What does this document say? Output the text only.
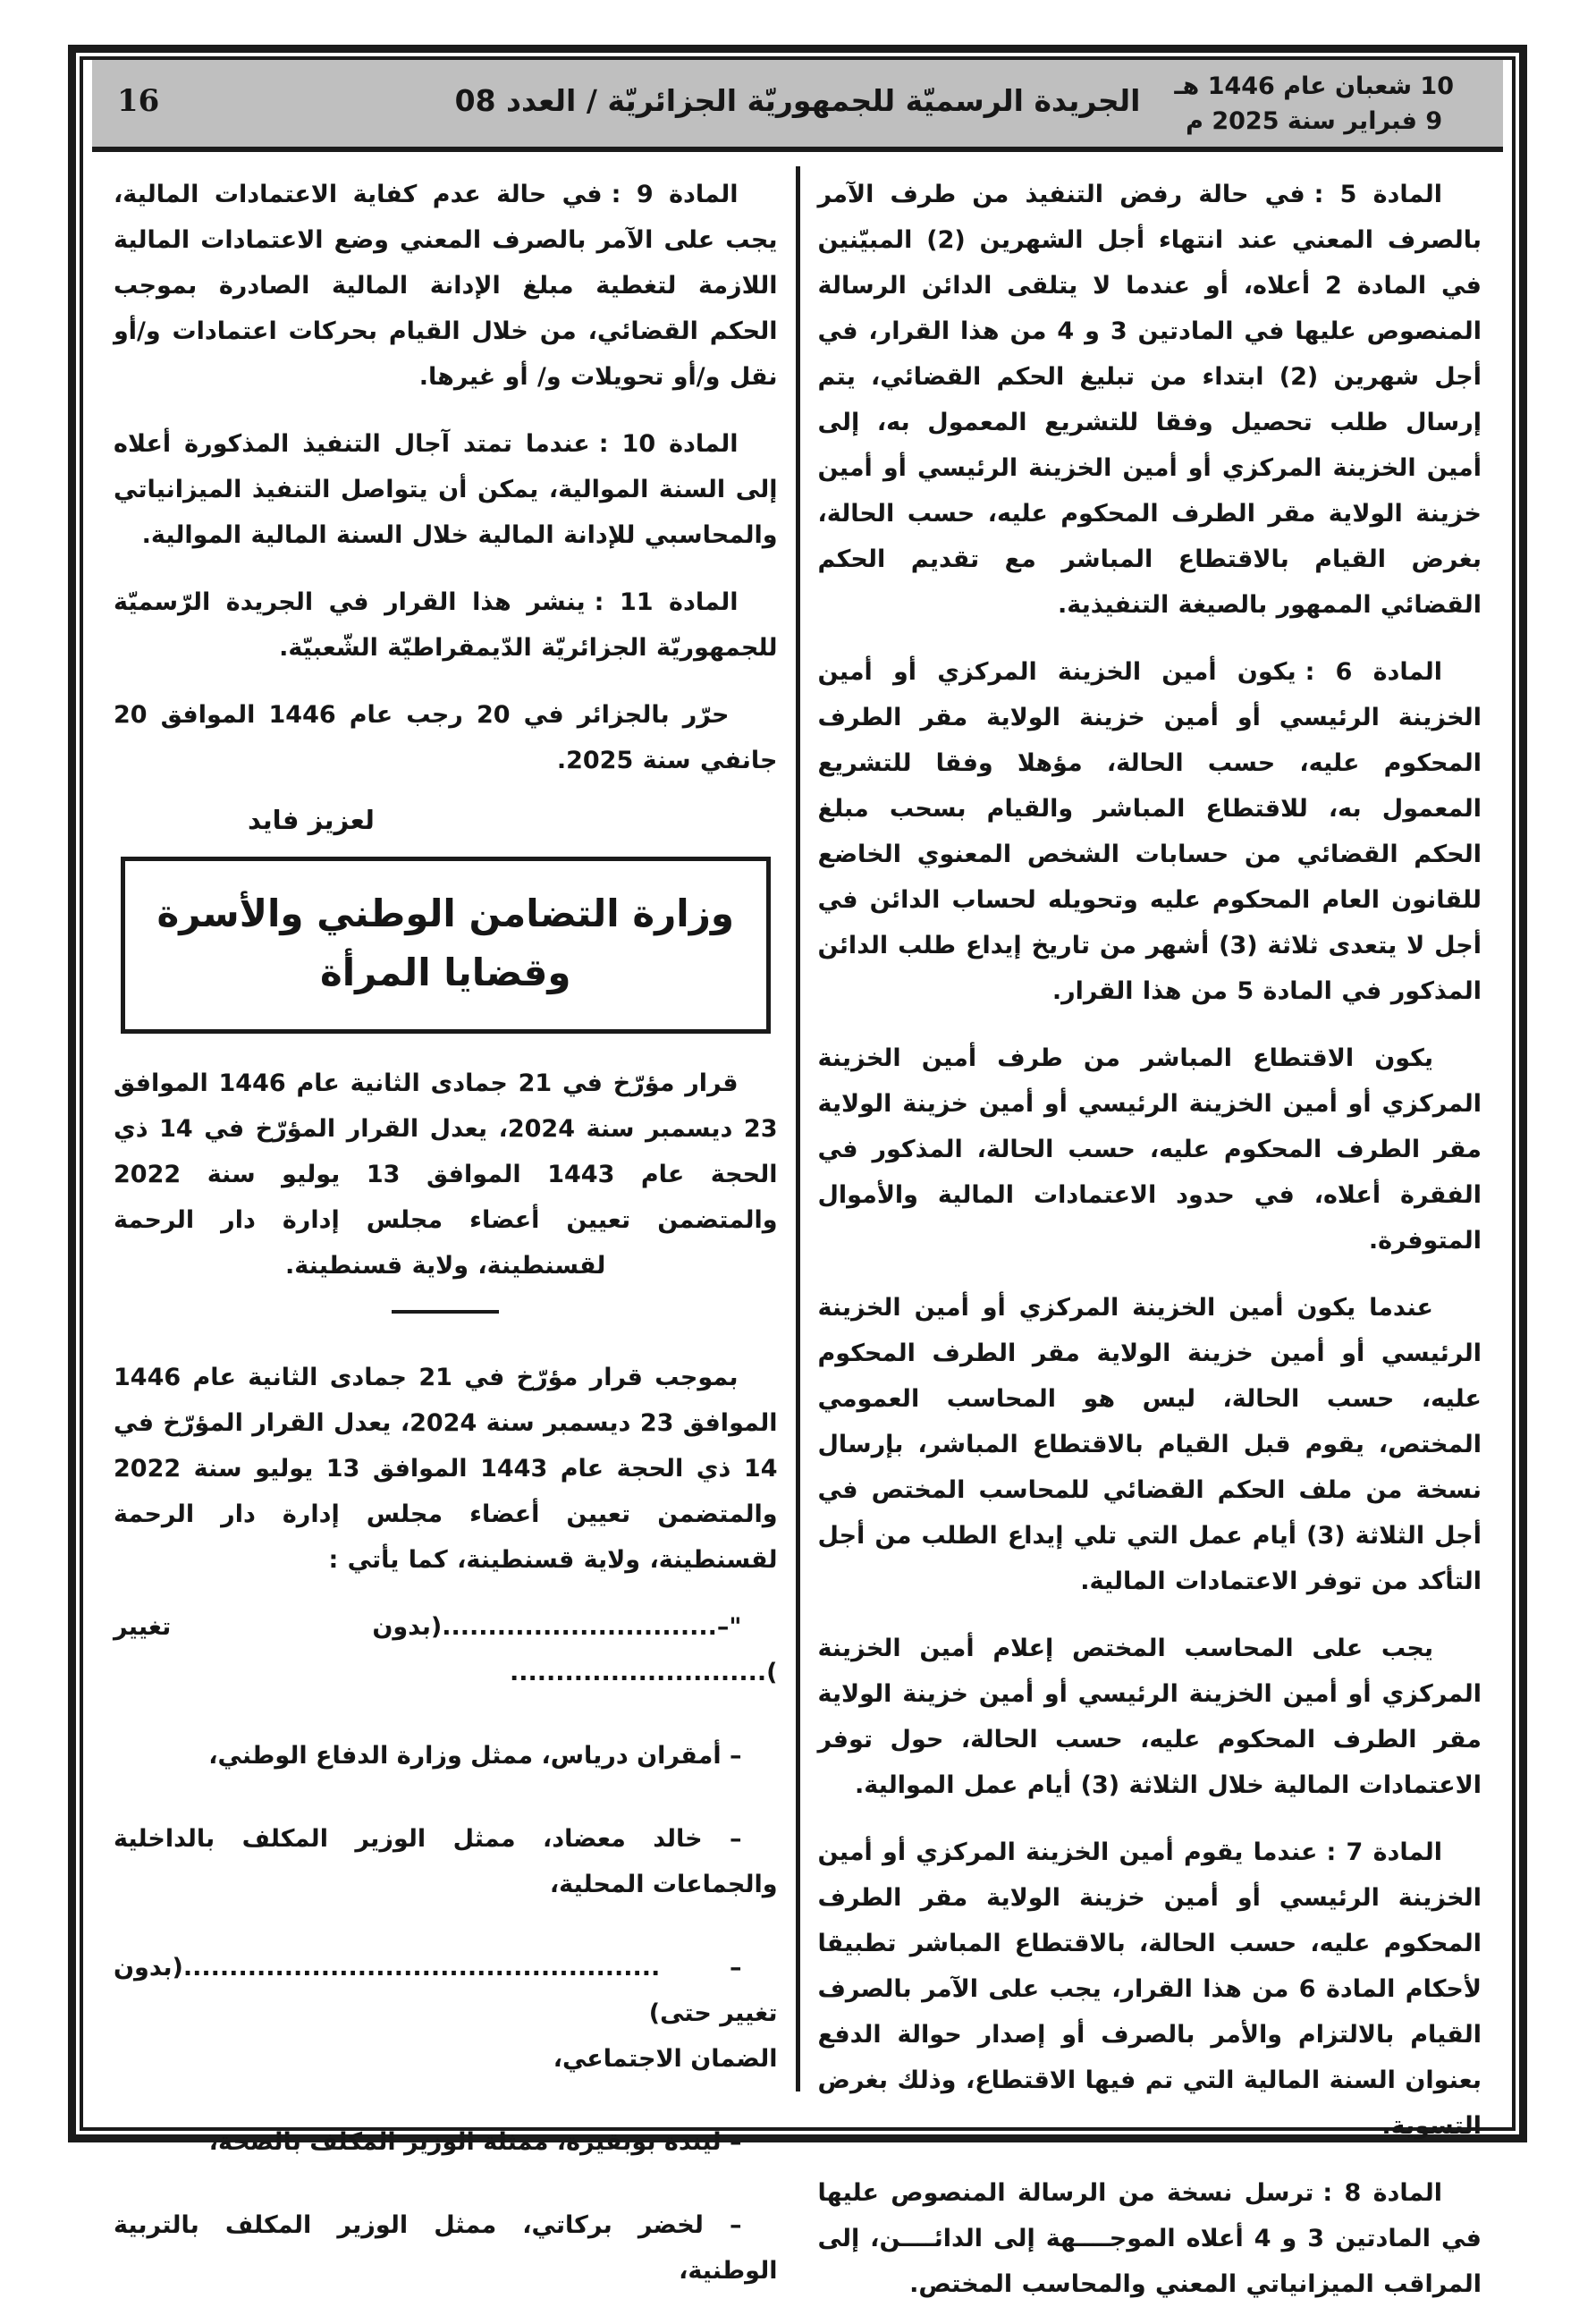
الجريدة الرسميّة للجمهوريّة الجزائريّة / العدد 08
16	10 شعبان عام 1446 هـ
9 فبراير سنة 2025 م

المادة 5 :في حالة رفض التنفيذ من طرف الآمر بالصرف المعني عند انتهاء أجل الشهرين (2) المبيّنين في المادة 2 أعلاه، أو عندما لا يتلقى الدائن الرسالة المنصوص عليها في المادتين 3 و 4 من هذا القرار، في أجل شهرين (2) ابتداء من تبليغ الحكم القضائي، يتم إرسال طلب تحصيل وفقا للتشريع المعمول به، إلى أمين الخزينة المركزي أو أمين الخزينة الرئيسي أو أمين خزينة الولاية مقر الطرف المحكوم عليه، حسب الحالة، بغرض القيام بالاقتطاع المباشر مع تقديم الحكم القضائي الممهور بالصيغة التنفيذية.

المادة 6 :يكون أمين الخزينة المركزي أو أمين الخزينة الرئيسي أو أمين خزينة الولاية مقر الطرف المحكوم عليه، حسب الحالة، مؤهلا وفقا للتشريع المعمول به، للاقتطاع المباشر والقيام بسحب مبلغ الحكم القضائي من حسابات الشخص المعنوي الخاضع للقانون العام المحكوم عليه وتحويله لحساب الدائن في أجل لا يتعدى ثلاثة (3) أشهر من تاريخ إيداع طلب الدائن المذكور في المادة 5 من هذا القرار.

يكون الاقتطاع المباشر من طرف أمين الخزينة المركزي أو أمين الخزينة الرئيسي أو أمين خزينة الولاية مقر الطرف المحكوم عليه، حسب الحالة، المذكور في الفقرة أعلاه، في حدود الاعتمادات المالية والأموال المتوفرة.

عندما يكون أمين الخزينة المركزي أو أمين الخزينة الرئيسي أو أمين خزينة الولاية مقر الطرف المحكوم عليه، حسب الحالة، ليس هو المحاسب العمومي المختص، يقوم قبل القيام بالاقتطاع المباشر، بإرسال نسخة من ملف الحكم القضائي للمحاسب المختص في أجل الثلاثة (3) أيام عمل التي تلي إيداع الطلب من أجل التأكد من توفر الاعتمادات المالية.

يجب على المحاسب المختص إعلام أمين الخزينة المركزي أو أمين الخزينة الرئيسي أو أمين خزينة الولاية مقر الطرف المحكوم عليه، حسب الحالة، حول توفر الاعتمادات المالية خلال الثلاثة (3) أيام عمل الموالية.

المادة 7 :عندما يقوم أمين الخزينة المركزي أو أمين الخزينة الرئيسي أو أمين خزينة الولاية مقر الطرف المحكوم عليه، حسب الحالة، بالاقتطاع المباشر تطبيقا لأحكام المادة 6 من هذا القرار، يجب على الآمر بالصرف القيام بالالتزام والأمر بالصرف أو إصدار حوالة الدفع بعنوان السنة المالية التي تم فيها الاقتطاع، وذلك بغرض التسوية.

المادة 8 :ترسل نسخة من الرسالة المنصوص عليها في المادتين 3 و 4 أعلاه الموجــــهة إلى الدائــــن، إلى المراقب الميزانياتي المعني والمحاسب المختص.

المادة 9 :في حالة عدم كفاية الاعتمادات المالية، يجب على الآمر بالصرف المعني وضع الاعتمادات المالية اللازمة لتغطية مبلغ الإدانة المالية الصادرة بموجب الحكم القضائي، من خلال القيام بحركات اعتمادات و/أو نقل و/أو تحويلات و/ أو غيرها.

المادة 10 :عندما تمتد آجال التنفيذ المذكورة أعلاه إلى السنة الموالية، يمكن أن يتواصل التنفيذ الميزانياتي والمحاسبي للإدانة المالية خلال السنة المالية الموالية.

المادة 11 :ينشر هذا القرار في الجريدة الرّسميّة للجمهوريّة الجزائريّة الدّيمقراطيّة الشّعبيّة.

حرّر بالجزائر في 20 رجب عام 1446 الموافق 20 جانفي سنة 2025.

لعزيز فايد
وزارة التضامن الوطني والأسرة
وقضايا المرأة

قرار مؤرّخ في 21 جمادى الثانية عام 1446 الموافق 23 ديسمبر سنة 2024، يعدل القرار المؤرّخ في 14 ذي الحجة عام 1443 الموافق 13 يوليو سنة 2022 والمتضمن تعيين أعضاء مجلس إدارة دار الرحمة لقسنطينة، ولاية قسنطينة.

بموجب قرار مؤرّخ في 21 جمادى الثانية عام 1446 الموافق 23 ديسمبر سنة 2024، يعدل القرار المؤرّخ في 14 ذي الحجة عام 1443 الموافق 13 يوليو سنة 2022 والمتضمن تعيين أعضاء مجلس إدارة دار الرحمة لقسنطينة، ولاية قسنطينة، كما يأتي :

"–..............................(بدون تغيير )............................

– أمقران درياس، ممثل وزارة الدفاع الوطني،

– خالد معضاد، ممثل الوزير المكلف بالداخلية والجماعات المحلية،

– ....................................................(بدون تغيير حتى)
الضمان الاجتماعي،

– ليندة بوبقيرة، ممثلة الوزير المكلف بالصحة،

– لخضر بركاتي، ممثل الوزير المكلف بالتربية الوطنية،
